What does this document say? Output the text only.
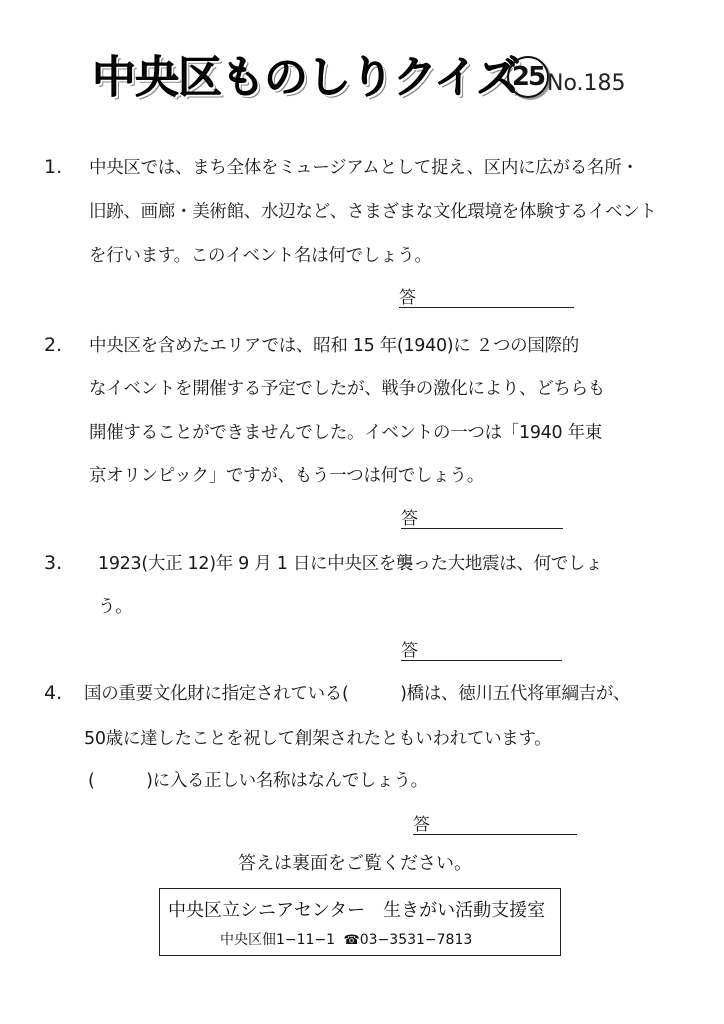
中央区ものしりクイズ
25 No.185
1. 中央区では、まち全体をミュージアムとして捉え、区内に広がる名所・
旧跡、画廊・美術館、水辺など、さまざまな文化環境を体験するイベント
を行います。このイベント名は何でしょう。
答
2. 中央区を含めたエリアでは、昭和 15 年(1940)に ２つの国際的
なイベントを開催する予定でしたが、戦争の激化により、どちらも
開催することができませんでした。イベントの一つは「1940 年東
京オリンピック」ですが、もう一つは何でしょう。
答
3. 1923(大正 12)年 9 月 1 日に中央区を襲った大地震は、何でしょ
う。
答
4. 国の重要文化財に指定されている(　　　)橋は、徳川五代将軍綱吉が、
50歳に達したことを祝して創架されたともいわれています。
(　　　)に入る正しい名称はなんでしょう。
答
答えは裏面をご覧ください。
中央区立シニアセンター　生きがい活動支援室
中央区佃1−11−1 ☎03−3531−7813
